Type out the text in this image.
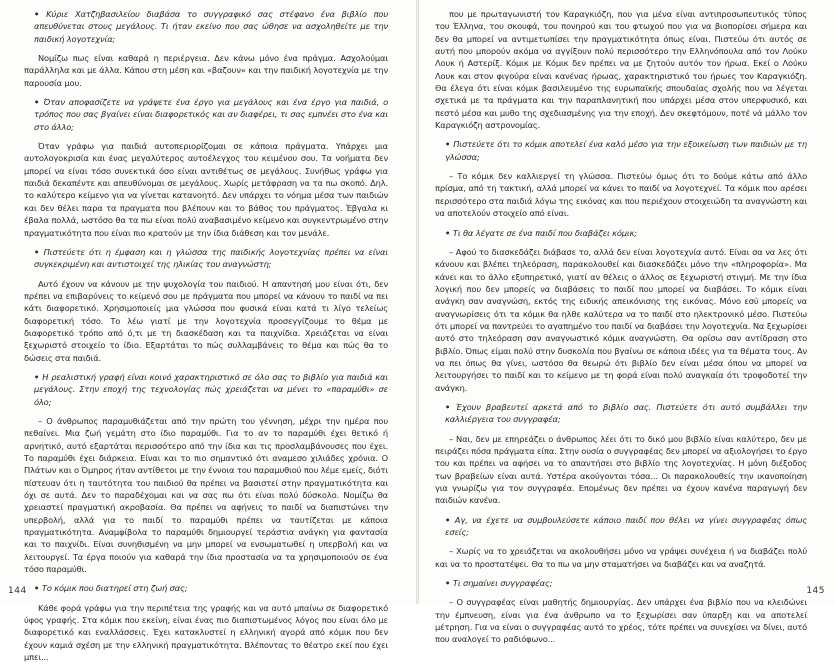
• Κύριε Χατζηβασιλείου διαβάσα το συγγραφικό σας στέφανο ένα βιβλίο που απευθύνεται στους μεγάλους. Τι ήταν εκείνο που σας ώθησε να ασχοληθείτε με την παιδική λογοτεχνία;

Νομίζω πως είναι καθαρά η περιέργεια. Δεν κάνω μόνο ένα πράγμα. Ασχολούμαι παράλληλα και με άλλα. Κάπου στη μέση και «βαζουν» και την παιδική λογοτεχνία με την παρουσία μου.

• Όταν αποφασίζετε να γράψετε ένα έργο για μεγάλους και ένα έργο για παιδιά, ο τρόπος που σας βγαίνει είναι διαφορετικός και αν διαφέρει, τι σας εμπνέει στο ένα και στο άλλο;

Όταν γράφω για παιδιά αυτοπεριορίζομαι σε κάποια πράγματα. Υπάρχει μια αυτολογοκρισία και ένας μεγαλύτερος αυτοέλεγχος του κειμένου σου. Τα νοήματα δεν μπορεί να είναι τόσο συνεκτικά όσο είναι αντιθέτως σε μεγάλους. Συνήθως γράφω για παιδιά δεκαπέντε και απευθύνομαι σε μεγάλους. Χωρίς μετάφραση να τα πω σκοπό. Δηλ. το καλύτερο κείμενο για να γίνεται κατανοητό. Δεν υπάρχει το νόημα μέσα των παιδιών και δεν θέλει παρα τα πραγματα που βλέπουν και το βάθος του πράγματος. Έβγαλα κι έβαλα πολλά, ωστόσο θα τα πω είναι πολύ αναβασιμένο κείμενο και συγκεντρωμένο στην πραγματικότητα που είναι πιο κρατούν με την ίδια διάθεση και τον μενάλε.

• Πιστεύετε ότι η έμφαση και η γλώσσα της παιδικής λογοτεχνίας πρέπει να είναι συγκεκριμένη και αντιστοιχεί της ηλικίας του αναγνώστη;

Αυτό έχουν να κάνουν με την ψυχολογία του παιδιού. Η απαντησή μου είναι ότι, δεν πρέπει να επιβαρύνεις το κείμενό σου με πράγματα που μπορεί να κάνουν το παιδί να πει κάτι διαφορετικό. Χρησιμοποιείς μια γλώσσα που φυσικά είναι κατά τι λίγο τελείως διαφορετική τόσο. Το λέω γιατί με την λογοτεχνία προσεγγίζουμε το θέμα με διαφορετικό τρόπο από ό,τι με τη διασκέδαση και τα παιχνίδια. Χρειάζεται να είναι ξεχωριστό στοιχείο το ίδιο. Εξαρτάται το πώς συλλαμβάνεις το θέμα και πώς θα το δώσεις στα παιδιά.

• Η ρεαλιστική γραφή είναι κοινό χαρακτηριστικό σε όλο σας το βιβλίο για παιδιά και μεγάλους. Στην εποχή της τεχνολογίας πώς χρειάζεται να μένει το «παραμύθι» σε όλο;

– Ο άνθρωπος παραμυθιάζεται από την πρώτη του γέννηση, μέχρι την ημέρα που πεθαίνει. Μια ζωή γεμάτη στο ίδιο παραμύθι. Για το αν το παραμύθι έχει θετικό ή αρνητικό, αυτό εξαρτάται περισσότερο από την ίδια και τις προσλαμβάνουσες που έχει. Το παραμύθι έχει διάρκεια. Είναι και το πιο σημαντικό ότι αναμεσο χιλιάδες χρόνια. Ο Πλάτων και ο Όμηρος ήταν αντίθετοι με την έννοια του παραμυθιού που λέμε εμείς, διότι πίστευαν ότι η ταυτότητα του παιδιού θα πρέπει να βασιστεί στην πραγματικότητα και όχι σε αυτά. Δεν το παραδέχομαι και να σας πω ότι είναι πολύ δύσκολο. Νομίζω θα χρειαστεί πραγματική ακροβασία. Θα πρέπει να αφήνεις το παιδί να διαπιστώνει την υπερβολή, αλλά για το παιδί το παραμύθι πρέπει να ταυτίζεται με κάποια πραγματικότητα. Αναμφίβολα το παραμύθι δημιουργεί τεράστια ανάγκη για φαντασία και το παιχνίδι. Είναι συνηθισμένη να μην μπορεί να ενσωματωθεί η υπερβολή και να λειτουργεί. Τα έργα ποιούν για καθαρά την ίδια προστασία να τα χρησιμοποιούν σε ένα τόσο παραμύθι.

• Το κόμικ που διατηρεί στη ζωή σας;

Κάθε φορά γράφω για την περιπέτεια της γραφής και να αυτό μπαίνω σε διαφορετικό ύφος γραφής. Στα κόμικ που εκείνη, είναι ένας πιο διαπιστωμένος λόγος που είναι όλο με διαφορετικό και εναλλάσσεις. Έχει κατακλυστεί η ελληνική αγορά από κόμικ που δεν έχουν καμιά σχέση με την ελληνική πραγματικότητα. Βλέποντας το θέατρο εκεί που έχει μπει...

144

που με πρωταγωνιστή τον Καραγκιόζη, που για μένα είναι αντιπροσωπευτικός τύπος του Έλληνα, του σκουφά, του πονηρού και του φτωχού που για να βιοπορίσει σήμερα και δεν θα μπορεί να αντιμετωπίσει την πραγματικότητα όπως είναι. Πιστεύω ότι αυτός σε αυτή που μπορούν ακόμα να αγγίξουν πολύ περισσότερο την Ελληνόπουλα από τον Λούκυ Λουκ ή Αστερίξ. Κόμικ με Κόμικ δεν πρέπει να με ζητούν αυτόν τον ήρωα. Εκεί ο Λούκυ Λουκ και στον φιγούρα είναι κανένας ήρωας, χαρακτηριστικό του ήρωες τον Καραγκιόζη. Θα έλεγα ότι είναι κόμικ βασιλευμένο της ευρωπαϊκής σπουδαίας σχολής που να λέγεται σχετικά με τα πράγματα και την παραπλανητική που υπάρχει μέσα στον υπερφυσικό, και πεστό μέσα και μυθο της σχεδιασμένης για την εποχή. Δεν σκεφτόμουν, ποτέ νά μάλλο τον Καραγκιόζη αστρονομίας.

• Πιστεύετε ότι το κόμικ αποτελεί ένα καλό μέσο για την εξοικείωση των παιδιών με τη γλώσσα;

– Το κόμικ δεν καλλιεργεί τη γλώσσα. Πιστεύω όμως ότι το δούμε κάτω από άλλο πρίσμα, από τη τακτική, αλλά μπορεί να κάνει το παιδί να λογοτεχνεί. Τα κόμικ που αρέσει περισσότερο στα παιδιά λόγω της εικόνας και που περιέχουν στοιχειώδη τα αναγνώστη και να αποτελούν στοιχείο από είναι.

• Τι θα λέγατε σε ένα παιδί που διαβάζει κόμικ;

– Αφού το διασκεδάζει διάβασε το, αλλά δεν είναι λογοτεχνία αυτό. Είναι σα να λες ότι κάνουν και βλέπει τηλεόραση, παρακολουθεί και διασκεδάζει μόνο την «πληροφορία». Μα κάνει και το άλλο εξυπηρετικό, γιατί αν θέλεις ο άλλος σε ξεχωριστή στιγμή. Με την ίδια λογική που δεν μπορείς να διαβάσεις το παιδί που μπορεί να διαβάσει. Το κόμικ είναι ανάγκη σαν αναγνώση, εκτός της ειδικής απεικόνισης της εικόνας. Μόνο εσύ μπορείς να αναγνωρίσεις ότι τα κόμικ θα ηλθε καλύτερα να το παιδί στο ηλεκτρονικό μέσο. Πιστεύω ότι μπορεί να παντρεύει το αγαπημένο του παιδί να διαβάσει την λογοτεχνία. Να ξεχωρίσει αυτό στο τηλεόραση σαν αναγνωστικό κόμικ αναγνώστη. Θα ορίσω σαν αντίδραση στο βιβλίο. Όπως είμαι πολύ στην δυσκολία που βγαίνω σε κάποια ιδέες για τα θέματα τους. Αν να πει όπως θα γίνει, ωστόσο θα θεωρώ ότι βιβλίο δεν είναι μέσα όπου να μπορεί να λειτουργήσει το παιδί και το κείμενο με τη φορά είναι πολύ αναγκαία ότι τροφοδοτεί την ανάγκη.

• Έχουν βραβευτεί αρκετά από το βιβλίο σας. Πιστεύετε ότι αυτό συμβάλλει την καλλιέργεια του συγγραφέα;

– Ναι, δεν με επηρεάζει ο άνθρωπος λέει ότι το δικό μου βιβλίο είναι καλύτερο, δεν με πειράζει πόσα πράγματα είπα. Στην ουσία ο συγγραφέας δεν μπορεί να αξιολογήσει το έργο του και πρέπει να αφήσει να το απαντήσει στο βιβλίο της λογοτεχνίας. Η μόνη διέξοδος των βραβείων είναι αυτά. Υστέρα ακούγονται τόσα... Οι παρακολουθείς την ικανοποίηση για γνωρίζω για τον συγγραφέα. Επομένως δεν πρέπει να έχουν κανένα παραγωγή δεν παιδιών κανένα.

• Αγ, να έχετε να συμβουλεύσετε κάποιο παιδί που θέλει να γίνει συγγραφέας όπως εσείς;

– Χωρίς να το χρειάζεται να ακολουθήσει μόνο να γράψει συνέχεια ή να διαβάζει πολύ και να το προστατέψει. Θα το πω να μην σταματήσει να διαβάζει και να αναζητά.

• Τι σημαίνει συγγραφέας;

– Ο συγγραφέας είναι μαθητής δημιουργίας. Δεν υπάρχει ένα βιβλίο που να κλειδώνει την έμπνευση, είναι για ένα άνθρωπο να το ξεχωρίσει σαν ύπαρξη και να αποτελεί μέτρηση. Για να είναι ο συγγραφέας αυτό το χρέος, τότε πρέπει να συνεχίσει να δίνει, αυτό που αναλογεί το ραδιόφωνο...

145
